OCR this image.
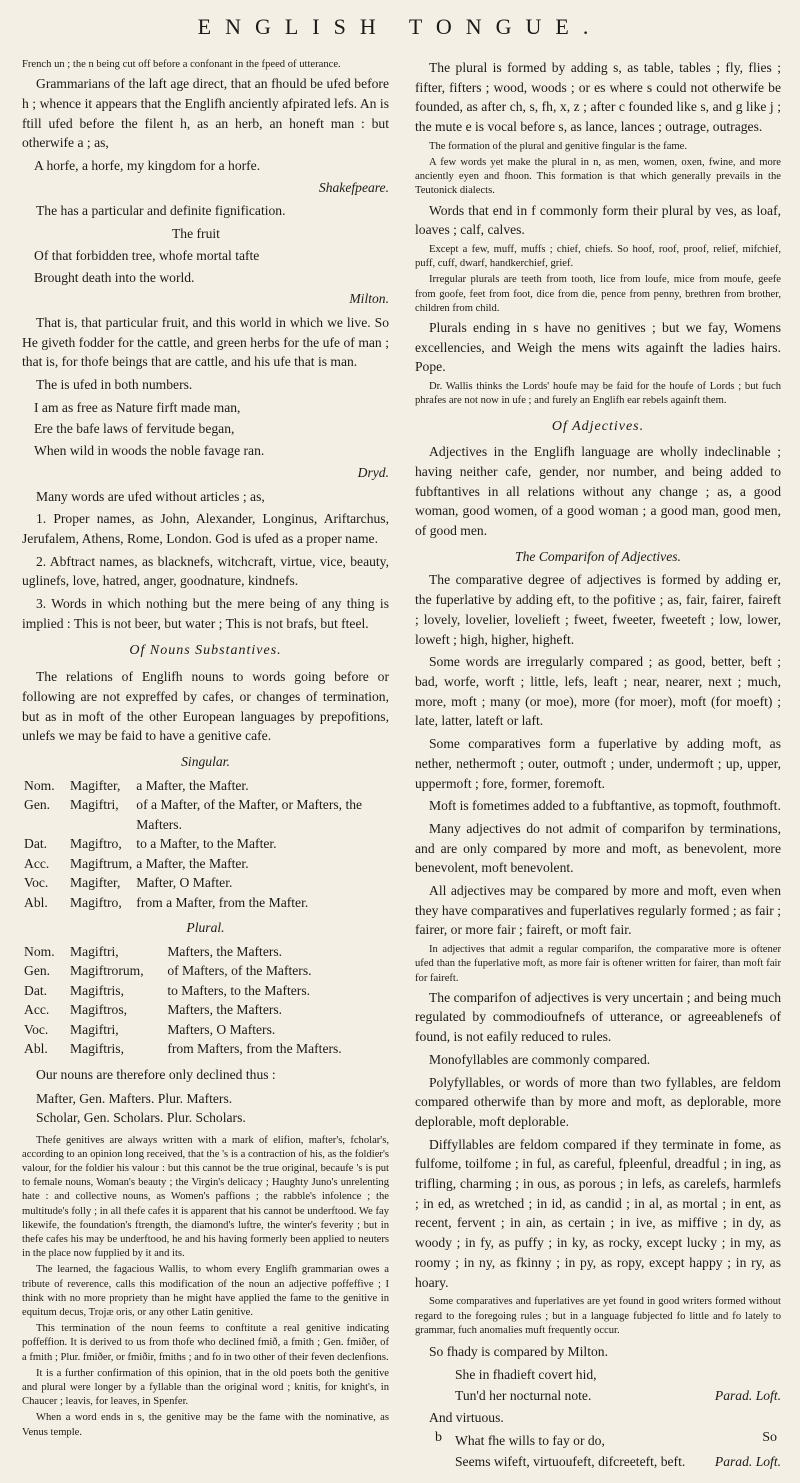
ENGLISH TONGUE.

French un ; the n being cut off before a confonant in the fpeed of utterance.

Grammarians of the laft age direct, that an fhould be ufed before h ; whence it appears that the Englifh anciently afpirated lefs. An is ftill ufed before the filent h, as an herb, an honeft man : but otherwife a ; as,

A horfe, a horfe, my kingdom for a horfe.

Shakefpeare.

The has a particular and definite fignification.

The fruit

Of that forbidden tree, whofe mortal tafte

Brought death into the world.

Milton.

That is, that particular fruit, and this world in which we live. So He giveth fodder for the cattle, and green herbs for the ufe of man ; that is, for thofe beings that are cattle, and his ufe that is man.

The is ufed in both numbers.

I am as free as Nature firft made man,

Ere the bafe laws of fervitude began,

When wild in woods the noble favage ran.

Dryd.

Many words are ufed without articles ; as,

1. Proper names, as John, Alexander, Longinus, Ariftarchus, Jerufalem, Athens, Rome, London. God is ufed as a proper name.

2. Abftract names, as blacknefs, witchcraft, virtue, vice, beauty, uglinefs, love, hatred, anger, goodnature, kindnefs.

3. Words in which nothing but the mere being of any thing is implied : This is not beer, but water ; This is not brafs, but fteel.

Of Nouns Substantives.

The relations of Englifh nouns to words going before or following are not expreffed by cafes, or changes of termination, but as in moft of the other European languages by prepofitions, unlefs we may be faid to have a genitive cafe.

Singular.
Nom.	Magifter,	a Mafter, the Mafter.
Gen.	Magiftri,	of a Mafter, of the Mafter, or Mafters, the Mafters.
Dat.	Magiftro,	to a Mafter, to the Mafter.
Acc.	Magiftrum,	a Mafter, the Mafter.
Voc.	Magifter,	Mafter, O Mafter.
Abl.	Magiftro,	from a Mafter, from the Mafter.
Plural.
Nom.	Magiftri,	Mafters, the Mafters.
Gen.	Magiftrorum,	of Mafters, of the Mafters.
Dat.	Magiftris,	to Mafters, to the Mafters.
Acc.	Magiftros,	Mafters, the Mafters.
Voc.	Magiftri,	Mafters, O Mafters.
Abl.	Magiftris,	from Mafters, from the Mafters.

Our nouns are therefore only declined thus :

Mafter, Gen. Mafters. Plur. Mafters.
Scholar, Gen. Scholars. Plur. Scholars.

Thefe genitives are always written with a mark of elifion, mafter's, fcholar's, according to an opinion long received, that the 's is a contraction of his, as the foldier's valour, for the foldier his valour : but this cannot be the true original, becaufe 's is put to female nouns, Woman's beauty ; the Virgin's delicacy ; Haughty Juno's unrelenting hate : and collective nouns, as Women's paffions ; the rabble's infolence ; the multitude's folly ; in all thefe cafes it is apparent that his cannot be underftood. We fay likewife, the foundation's ftrength, the diamond's luftre, the winter's feverity ; but in thefe cafes his may be underftood, he and his having formerly been applied to neuters in the place now fupplied by it and its.

The learned, the fagacious Wallis, to whom every Englifh grammarian owes a tribute of reverence, calls this modification of the noun an adjective poffeffive ; I think with no more propriety than he might have applied the fame to the genitive in equitum decus, Trojæ oris, or any other Latin genitive.

This termination of the noun feems to conftitute a real genitive indicating poffeffion. It is derived to us from thofe who declined fmið, a fmith ; Gen. fmiðer, of a fmith ; Plur. fmiðer, or fmiðir, fmiths ; and fo in two other of their feven declenfions.

It is a further confirmation of this opinion, that in the old poets both the genitive and plural were longer by a fyllable than the original word ; knitis, for knight's, in Chaucer ; leavis, for leaves, in Spenfer.

When a word ends in s, the genitive may be the fame with the nominative, as Venus temple.

The plural is formed by adding s, as table, tables ; fly, flies ; fifter, fifters ; wood, woods ; or es where s could not otherwife be founded, as after ch, s, fh, x, z ; after c founded like s, and g like j ; the mute e is vocal before s, as lance, lances ; outrage, outrages.

The formation of the plural and genitive fingular is the fame.

A few words yet make the plural in n, as men, women, oxen, fwine, and more anciently eyen and fhoon. This formation is that which generally prevails in the Teutonick dialects.

Words that end in f commonly form their plural by ves, as loaf, loaves ; calf, calves.

Except a few, muff, muffs ; chief, chiefs. So hoof, roof, proof, relief, mifchief, puff, cuff, dwarf, handkerchief, grief.

Irregular plurals are teeth from tooth, lice from loufe, mice from moufe, geefe from goofe, feet from foot, dice from die, pence from penny, brethren from brother, children from child.

Plurals ending in s have no genitives ; but we fay, Womens excellencies, and Weigh the mens wits againft the ladies hairs. Pope.

Dr. Wallis thinks the Lords' houfe may be faid for the houfe of Lords ; but fuch phrafes are not now in ufe ; and furely an Englifh ear rebels againft them.

Of Adjectives.

Adjectives in the Englifh language are wholly indeclinable ; having neither cafe, gender, nor number, and being added to fubftantives in all relations without any change ; as, a good woman, good women, of a good woman ; a good man, good men, of good men.

The Comparifon of Adjectives.

The comparative degree of adjectives is formed by adding er, the fuperlative by adding eft, to the pofitive ; as, fair, fairer, faireft ; lovely, lovelier, lovelieft ; fweet, fweeter, fweeteft ; low, lower, loweft ; high, higher, higheft.

Some words are irregularly compared ; as good, better, beft ; bad, worfe, worft ; little, lefs, leaft ; near, nearer, next ; much, more, moft ; many (or moe), more (for moer), moft (for moeft) ; late, latter, lateft or laft.

Some comparatives form a fuperlative by adding moft, as nether, nethermoft ; outer, outmoft ; under, undermoft ; up, upper, uppermoft ; fore, former, foremoft.

Moft is fometimes added to a fubftantive, as topmoft, fouthmoft.

Many adjectives do not admit of comparifon by terminations, and are only compared by more and moft, as benevolent, more benevolent, moft benevolent.

All adjectives may be compared by more and moft, even when they have comparatives and fuperlatives regularly formed ; as fair ; fairer, or more fair ; faireft, or moft fair.

In adjectives that admit a regular comparifon, the comparative more is oftener ufed than the fuperlative moft, as more fair is oftener written for fairer, than moft fair for faireft.

The comparifon of adjectives is very uncertain ; and being much regulated by commodioufnefs of utterance, or agreeablenefs of found, is not eafily reduced to rules.

Monofyllables are commonly compared.

Polyfyllables, or words of more than two fyllables, are feldom compared otherwife than by more and moft, as deplorable, more deplorable, moft deplorable.

Diffyllables are feldom compared if they terminate in fome, as fulfome, toilfome ; in ful, as careful, fpleenful, dreadful ; in ing, as trifling, charming ; in ous, as porous ; in lefs, as carelefs, harmlefs ; in ed, as wretched ; in id, as candid ; in al, as mortal ; in ent, as recent, fervent ; in ain, as certain ; in ive, as miffive ; in dy, as woody ; in fy, as puffy ; in ky, as rocky, except lucky ; in my, as roomy ; in ny, as fkinny ; in py, as ropy, except happy ; in ry, as hoary.

Some comparatives and fuperlatives are yet found in good writers formed without regard to the foregoing rules ; but in a language fubjected fo little and fo lately to grammar, fuch anomalies muft frequently occur.

So fhady is compared by Milton.

She in fhadieft covert hid,

Tun'd her nocturnal note.	Parad. Loft.

And virtuous.

What fhe wills to fay or do,

Seems wifeft, virtuoufeft, difcreeteft, beft. Parad. Loft.

b	So
